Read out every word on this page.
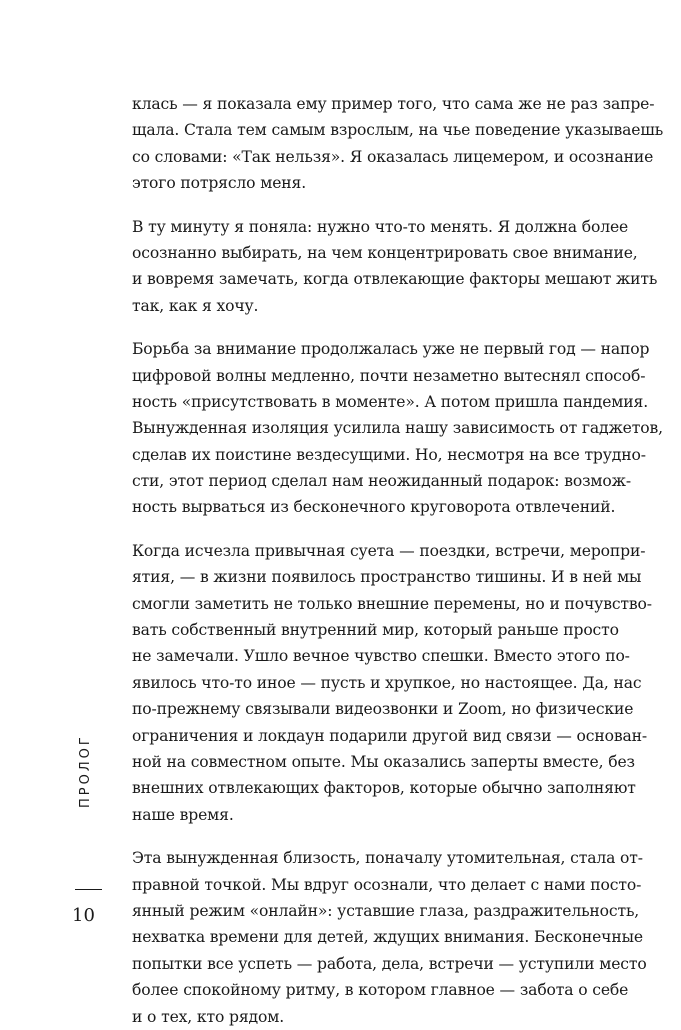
клась — я показала ему пример того, что сама же не раз запре-
щала. Стала тем самым взрослым, на чье поведение указываешь
со словами: «Так нельзя». Я оказалась лицемером, и осознание
этого потрясло меня.

В ту минуту я поняла: нужно что-то менять. Я должна более
осознанно выбирать, на чем концентрировать свое внимание,
и вовремя замечать, когда отвлекающие факторы мешают жить
так, как я хочу.

Борьба за внимание продолжалась уже не первый год — напор
цифровой волны медленно, почти незаметно вытеснял способ-
ность «присутствовать в моменте». А потом пришла пандемия.
Вынужденная изоляция усилила нашу зависимость от гаджетов,
сделав их поистине вездесущими. Но, несмотря на все трудно-
сти, этот период сделал нам неожиданный подарок: возмож-
ность вырваться из бесконечного круговорота отвлечений.

Когда исчезла привычная суета — поездки, встречи, меропри-
ятия, — в жизни появилось пространство тишины. И в ней мы
смогли заметить не только внешние перемены, но и почувство-
вать собственный внутренний мир, который раньше просто
не замечали. Ушло вечное чувство спешки. Вместо этого по-
явилось что-то иное — пусть и хрупкое, но настоящее. Да, нас
по-прежнему связывали видеозвонки и Zoom, но физические
ограничения и локдаун подарили другой вид связи — основан-
ной на совместном опыте. Мы оказались заперты вместе, без
внешних отвлекающих факторов, которые обычно заполняют
наше время.

Эта вынужденная близость, поначалу утомительная, стала от-
правной точкой. Мы вдруг осознали, что делает с нами посто-
янный режим «онлайн»: уставшие глаза, раздражительность,
нехватка времени для детей, ждущих внимания. Бесконечные
попытки все успеть — работа, дела, встречи — уступили место
более спокойному ритму, в котором главное — забота о себе
и о тех, кто рядом.

ПРОЛОГ
10
